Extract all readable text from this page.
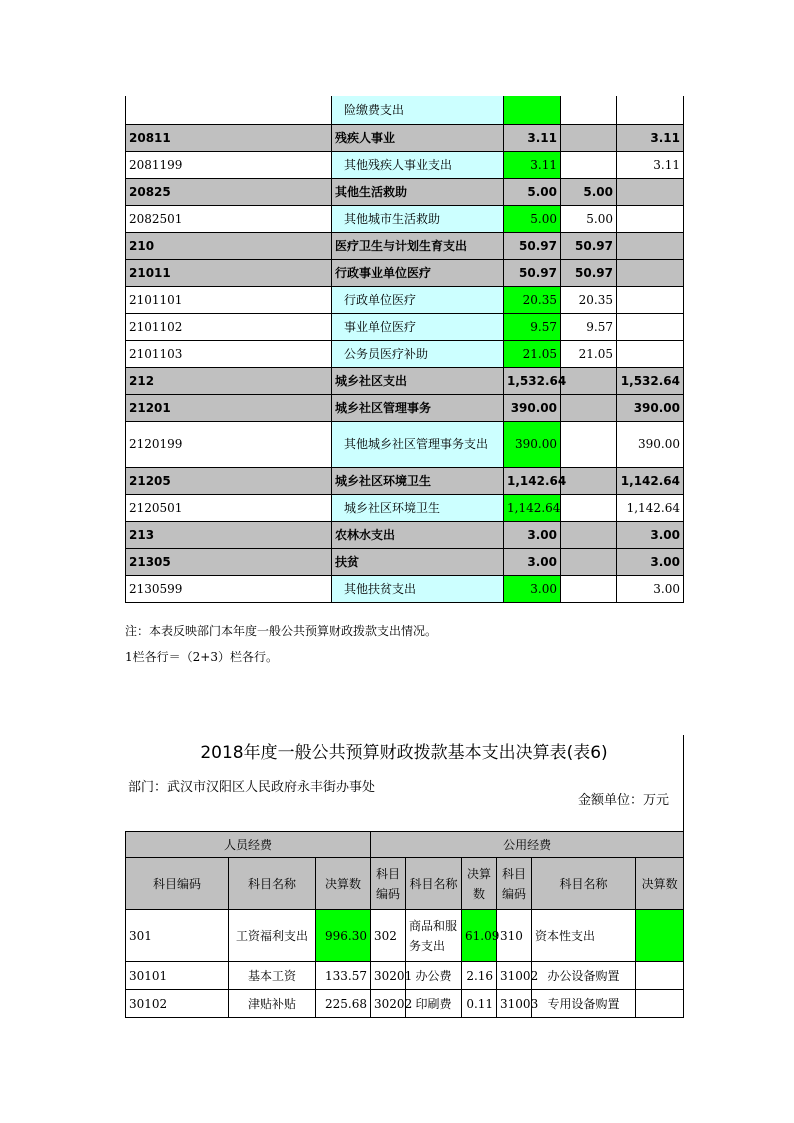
	险缴费支出			
20811	残疾人事业	3.11		3.11
2081199	其他残疾人事业支出	3.11		3.11
20825	其他生活救助	5.00	5.00	
2082501	其他城市生活救助	5.00	5.00	
210	医疗卫生与计划生育支出	50.97	50.97	
21011	行政事业单位医疗	50.97	50.97	
2101101	行政单位医疗	20.35	20.35	
2101102	事业单位医疗	9.57	9.57	
2101103	公务员医疗补助	21.05	21.05	
212	城乡社区支出	1,532.64		1,532.64
21201	城乡社区管理事务	390.00		390.00
2120199	其他城乡社区管理事务支出	390.00		390.00
21205	城乡社区环境卫生	1,142.64		1,142.64
2120501	城乡社区环境卫生	1,142.64		1,142.64
213	农林水支出	3.00		3.00
21305	扶贫	3.00		3.00
2130599	其他扶贫支出	3.00		3.00
注：本表反映部门本年度一般公共预算财政拨款支出情况。
1栏各行＝（2+3）栏各行。
2018年度一般公共预算财政拨款基本支出决算表(表6)
部门：武汉市汉阳区人民政府永丰街办事处
金额单位：万元
人员经费			公用经费					
科目编码	科目名称	决算数	科目编码	科目名称	决算数	科目编码	科目名称	决算数
301	工资福利支出	996.30	302	商品和服务支出	61.09	310	资本性支出	
30101	基本工资	133.57	30201	办公费	2.16	31002	办公设备购置	
30102	津贴补贴	225.68	30202	印刷费	0.11	31003	专用设备购置	
